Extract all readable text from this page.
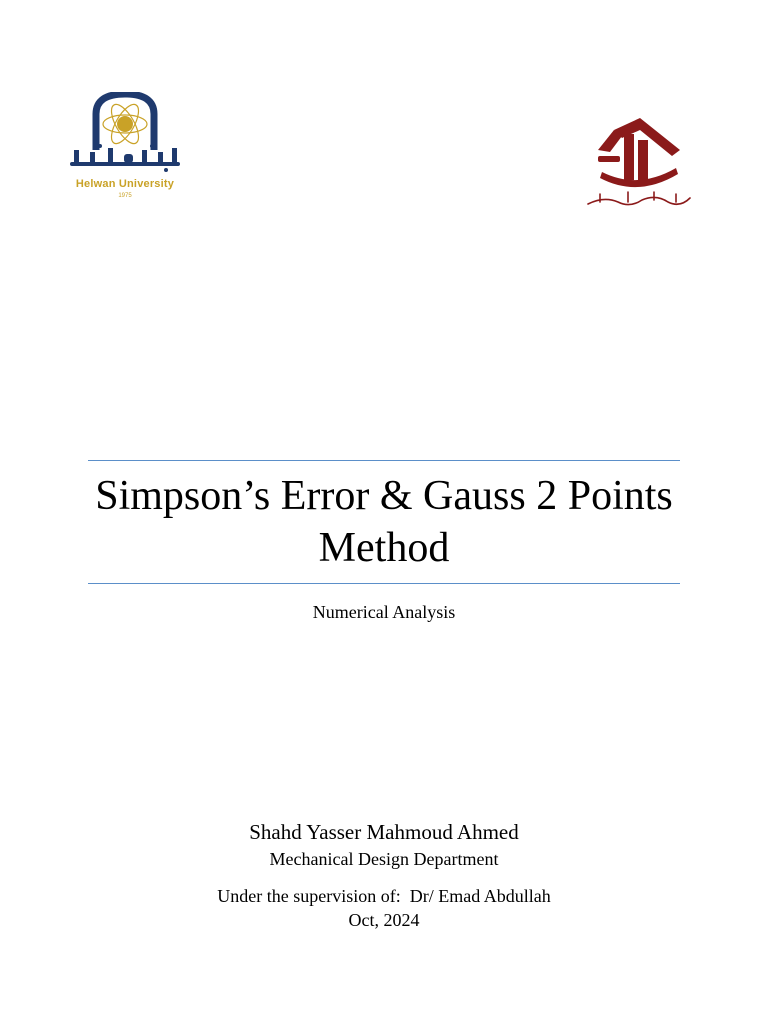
Helwan University
1975
Simpson’s Error & Gauss 2 Points Method
Numerical Analysis
Shahd Yasser Mahmoud Ahmed
Mechanical Design Department
Under the supervision of:  Dr/ Emad Abdullah
Oct, 2024
